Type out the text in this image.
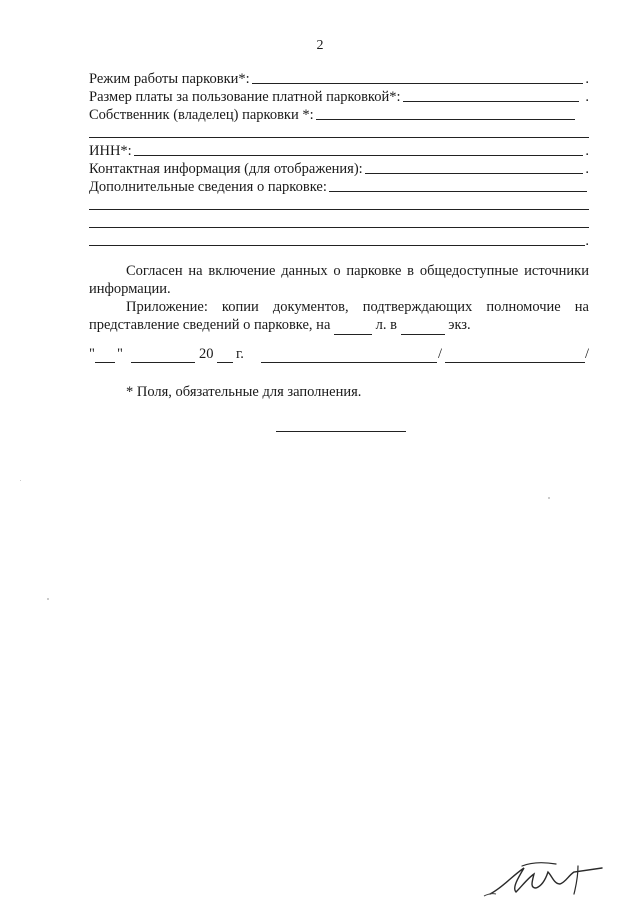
2
Режим работы парковки*:	.
Размер платы за пользование платной парковкой*:	.
Собственник (владелец) парковки *:
ИНН*:	.
Контактная информация (для отображения):	.
Дополнительные сведения о парковке:
.

Согласен на включение данных о парковке в общедоступные источники информации.

Приложение: копии документов, подтверждающих полномочие на представление сведений о парковке, на	л. в	экз.

" "	20 г.	/	/
* Поля, обязательные для заполнения.
